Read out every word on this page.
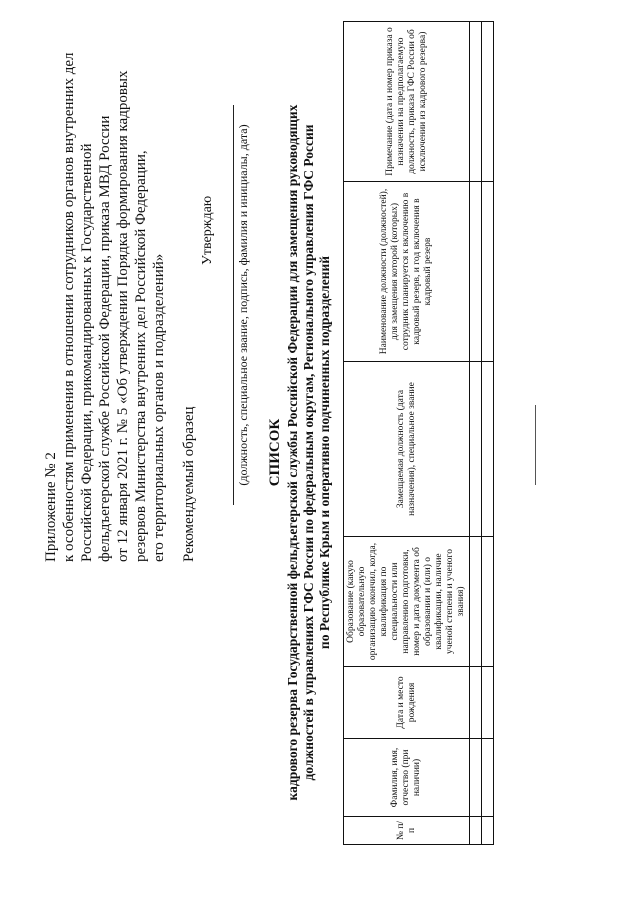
Приложение № 2 к особенностям применения в отношении сотрудников органов внутренних дел Российской Федерации, прикомандированных к Государственной фельдъегерской службе Российской Федерации, приказа МВД России от 12 января 2021 г. № 5 «Об утверждении Порядка формирования кадровых резервов Министерства внутренних дел Российской Федерации, его территориальных органов и подразделений» Рекомендуемый образец
Утверждаю (должность, специальное звание, подпись, фамилия и инициалы, дата) СПИСОК кадрового резерва Государственной фельдъегерской службы Российской Федерации для замещения руководящих должностей в управлениях ГФС России по федеральным округам, Регионального управления ГФС России по Республике Крым и оперативно подчиненных подразделений
№ п/п	Фамилия, имя, отчество (при наличии)	Дата и место рождения	Образование (какую образовательную организацию окончил, когда, квалификация по специальности или направлению подготовки, номер и дата документа об образовании и (или) о квалификации, наличие ученой степени и ученого звания)	Замещаемая должность (дата назначения), специальное звание	Наименование должности (должностей), для замещения которой (которых) сотрудник планируется к включению в кадровый резерв, и год включения в кадровый резерв	Примечание (дата и номер приказа о назначении на предполагаемую должность, приказа ГФС России об исключении из кадрового резерва)
